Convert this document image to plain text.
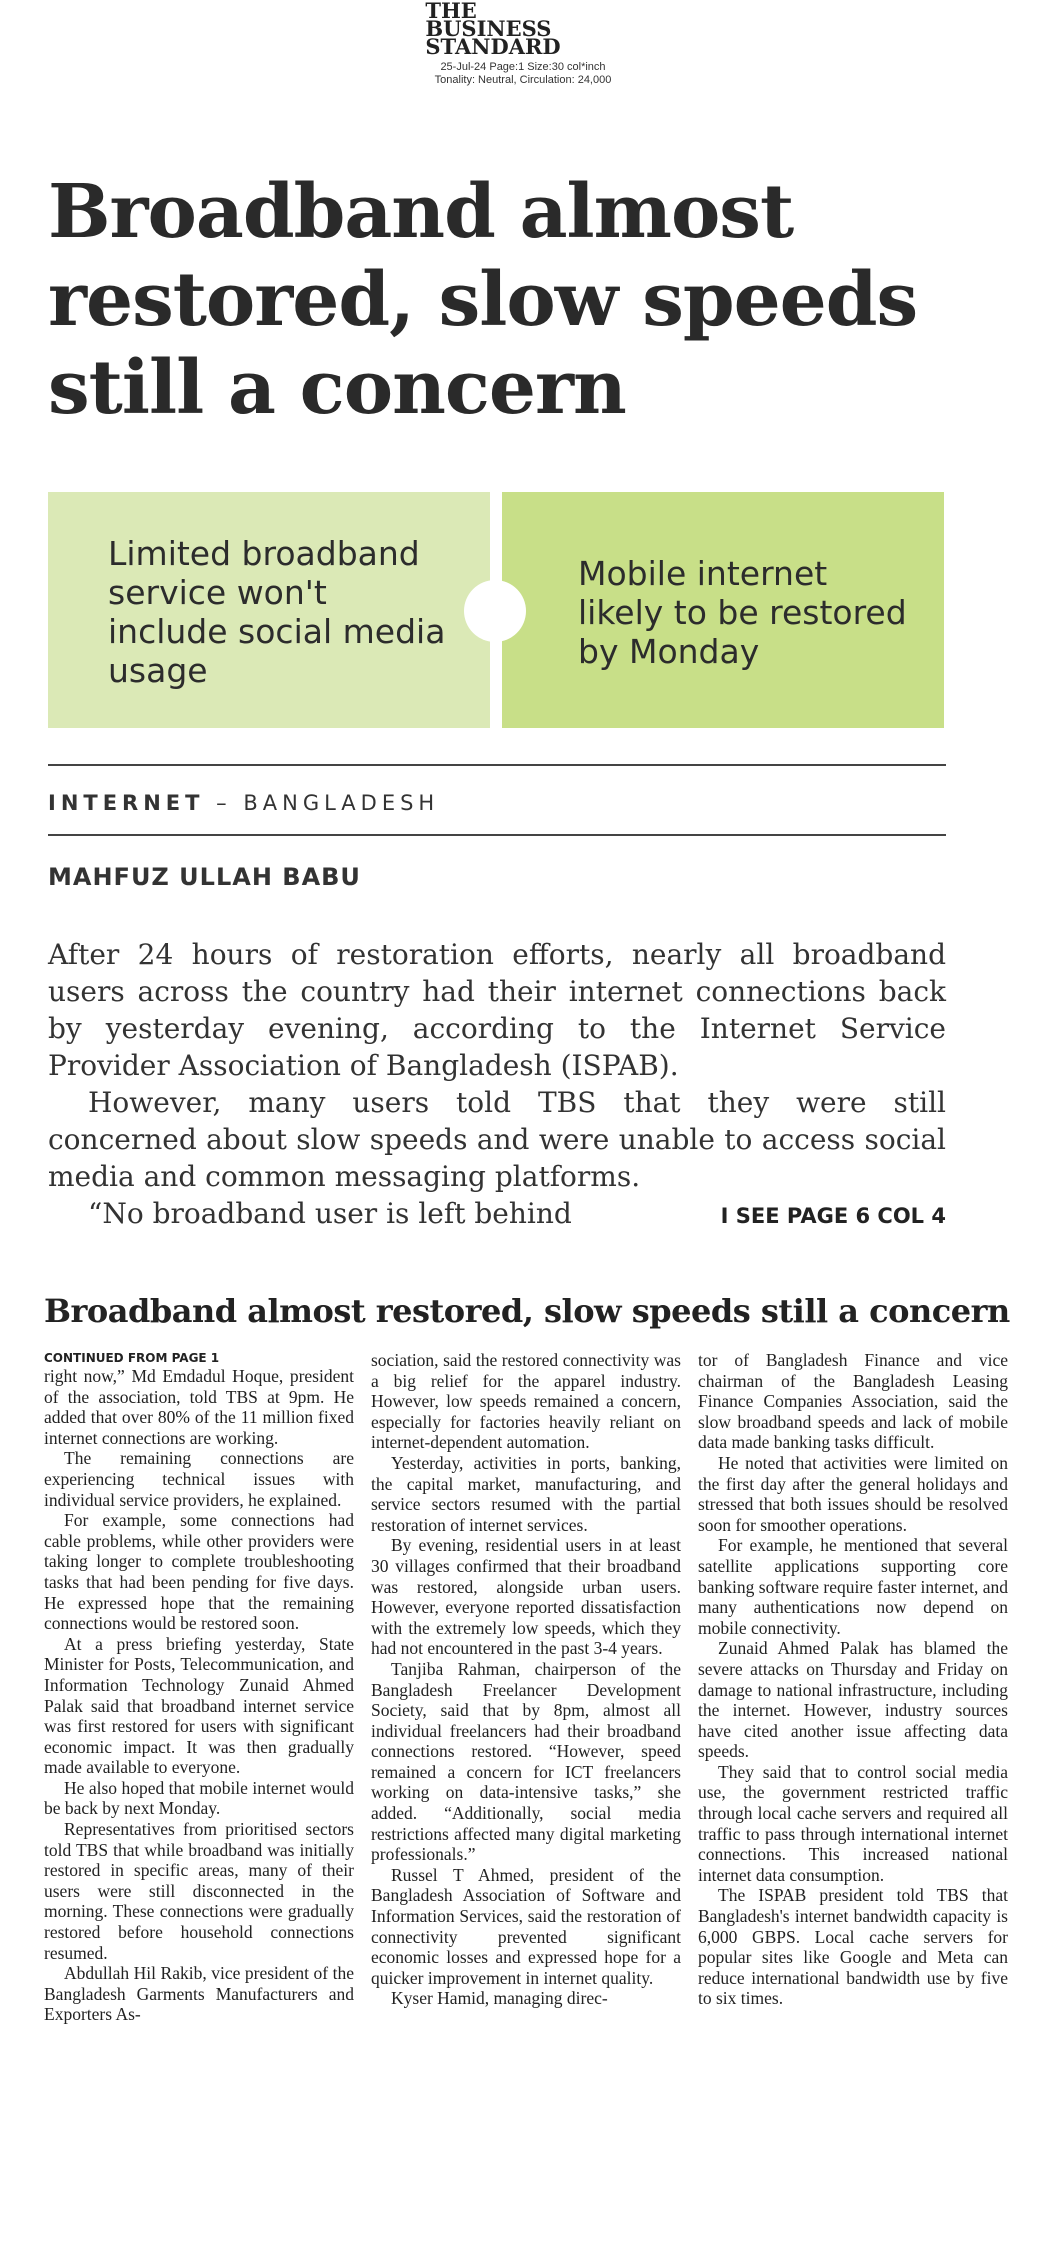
THE
BUSINESS
STANDARD
25-Jul-24 Page:1 Size:30 col*inch
Tonality: Neutral, Circulation: 24,000
Broadband almost restored, slow speeds still a concern
Limited broadband service won't include social media usage
Mobile internet likely to be restored by Monday
INTERNET – BANGLADESH
MAHFUZ ULLAH BABU

After 24 hours of restoration efforts, nearly all broadband users across the country had their internet connections back by yesterday evening, according to the Internet Service Provider Association of Bangladesh (ISPAB).

However, many users told TBS that they were still concerned about slow speeds and were unable to access social media and common messaging platforms.

“No broadband user is left behind	I SEE PAGE 6 COL 4

Broadband almost restored, slow speeds still a concern
CONTINUED FROM PAGE 1

right now,” Md Emdadul Hoque, president of the association, told TBS at 9pm. He added that over 80% of the 11 million fixed internet connections are working.

The remaining connections are experiencing technical issues with individual service providers, he explained.

For example, some connections had cable problems, while other providers were taking longer to complete troubleshooting tasks that had been pending for five days. He expressed hope that the remaining connections would be restored soon.

At a press briefing yesterday, State Minister for Posts, Telecommunication, and Information Technology Zunaid Ahmed Palak said that broadband internet service was first restored for users with significant economic impact. It was then gradually made available to everyone.

He also hoped that mobile internet would be back by next Monday.

Representatives from prioritised sectors told TBS that while broadband was initially restored in specific areas, many of their users were still disconnected in the morning. These connections were gradually restored before household connections resumed.

Abdullah Hil Rakib, vice president of the Bangladesh Garments Manufacturers and Exporters As-

sociation, said the restored connectivity was a big relief for the apparel industry. However, low speeds remained a concern, especially for factories heavily reliant on internet-dependent automation.

Yesterday, activities in ports, banking, the capital market, manufacturing, and service sectors resumed with the partial restoration of internet services.

By evening, residential users in at least 30 villages confirmed that their broadband was restored, alongside urban users. However, everyone reported dissatisfaction with the extremely low speeds, which they had not encountered in the past 3-4 years.

Tanjiba Rahman, chairperson of the Bangladesh Freelancer Development Society, said that by 8pm, almost all individual freelancers had their broadband connections restored. “However, speed remained a concern for ICT freelancers working on data-intensive tasks,” she added. “Additionally, social media restrictions affected many digital marketing professionals.”

Russel T Ahmed, president of the Bangladesh Association of Software and Information Services, said the restoration of connectivity prevented significant economic losses and expressed hope for a quicker improvement in internet quality.

Kyser Hamid, managing direc-

tor of Bangladesh Finance and vice chairman of the Bangladesh Leasing Finance Companies Association, said the slow broadband speeds and lack of mobile data made banking tasks difficult.

He noted that activities were limited on the first day after the general holidays and stressed that both issues should be resolved soon for smoother operations.

For example, he mentioned that several satellite applications supporting core banking software require faster internet, and many authentications now depend on mobile connectivity.

Zunaid Ahmed Palak has blamed the severe attacks on Thursday and Friday on damage to national infrastructure, including the internet. However, industry sources have cited another issue affecting data speeds.

They said that to control social media use, the government restricted traffic through local cache servers and required all traffic to pass through international internet connections. This increased national internet data consumption.

The ISPAB president told TBS that Bangladesh's internet bandwidth capacity is 6,000 GBPS. Local cache servers for popular sites like Google and Meta can reduce international bandwidth use by five to six times.
